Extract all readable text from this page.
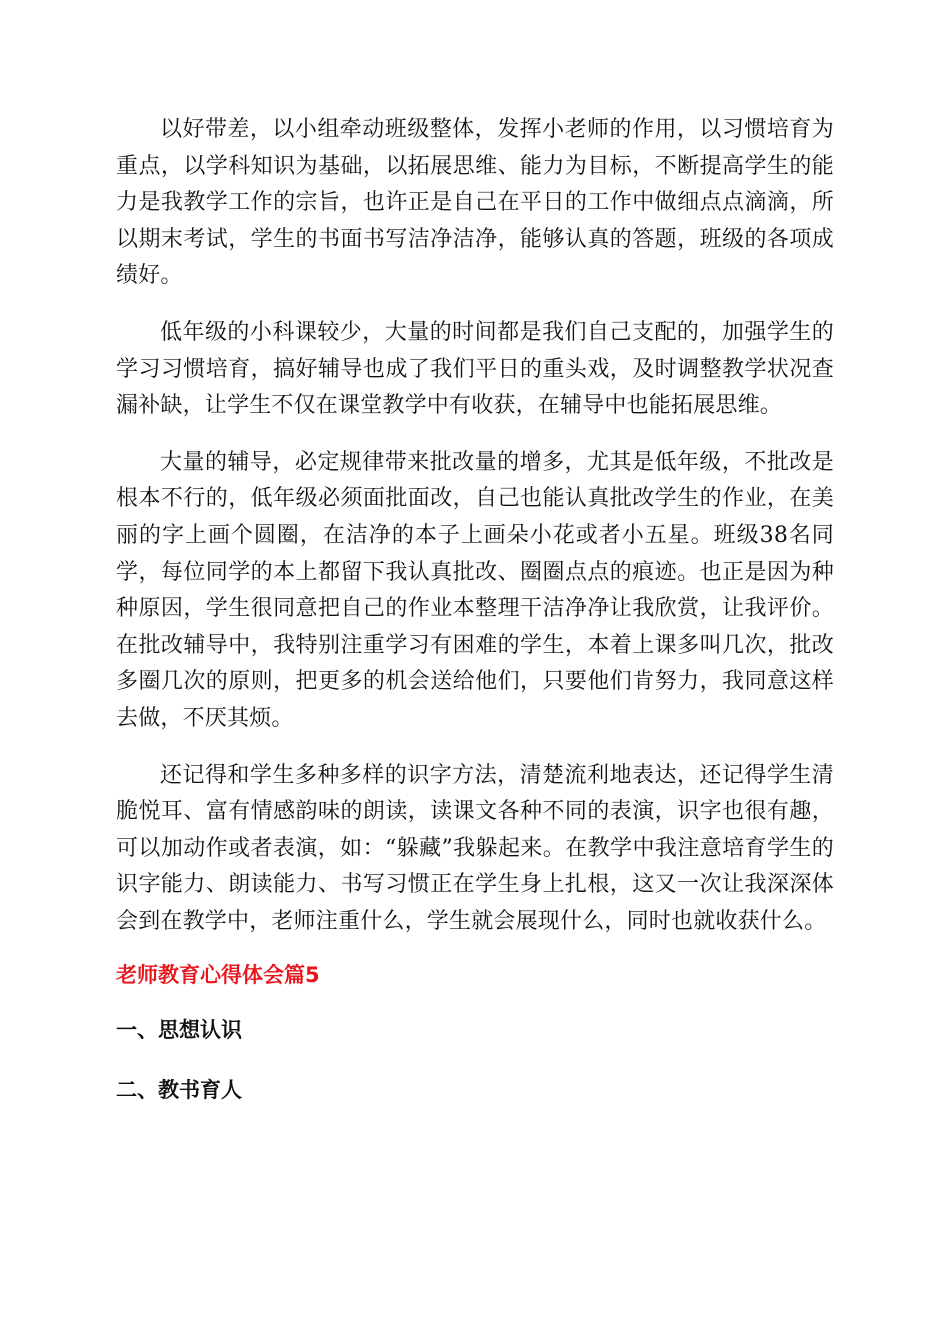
以好带差，以小组牵动班级整体，发挥小老师的作用，以习惯培育为重点，以学科知识为基础，以拓展思维、能力为目标，不断提高学生的能力是我教学工作的宗旨，也许正是自己在平日的工作中做细点点滴滴，所以期末考试，学生的书面书写洁净洁净，能够认真的答题，班级的各项成绩好。

低年级的小科课较少，大量的时间都是我们自己支配的，加强学生的学习习惯培育，搞好辅导也成了我们平日的重头戏，及时调整教学状况查漏补缺，让学生不仅在课堂教学中有收获，在辅导中也能拓展思维。

大量的辅导，必定规律带来批改量的增多，尤其是低年级，不批改是根本不行的，低年级必须面批面改，自己也能认真批改学生的作业，在美丽的字上画个圆圈，在洁净的本子上画朵小花或者小五星。班级38名同学，每位同学的本上都留下我认真批改、圈圈点点的痕迹。也正是因为种种原因，学生很同意把自己的作业本整理干洁净净让我欣赏，让我评价。在批改辅导中，我特别注重学习有困难的学生，本着上课多叫几次，批改多圈几次的原则，把更多的机会送给他们，只要他们肯努力，我同意这样去做，不厌其烦。

还记得和学生多种多样的识字方法，清楚流利地表达，还记得学生清脆悦耳、富有情感韵味的朗读，读课文各种不同的表演，识字也很有趣，可以加动作或者表演，如：“躲藏”我躲起来。在教学中我注意培育学生的识字能力、朗读能力、书写习惯正在学生身上扎根，这又一次让我深深体会到在教学中，老师注重什么，学生就会展现什么，同时也就收获什么。

老师教育心得体会篇5
一、思想认识
二、教书育人
